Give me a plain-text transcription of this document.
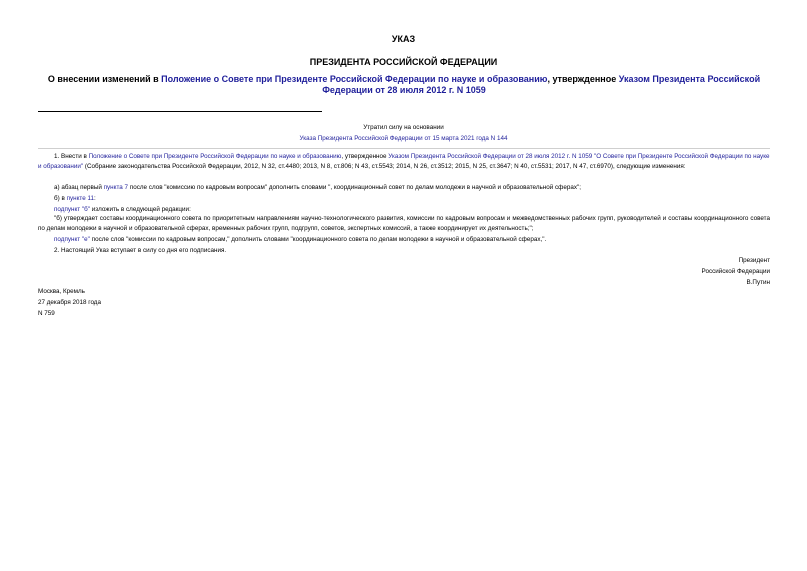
УКАЗ
ПРЕЗИДЕНТА РОССИЙСКОЙ ФЕДЕРАЦИИ
О внесении изменений в Положение о Совете при Президенте Российской Федерации по науке и образованию, утвержденное Указом Президента Российской Федерации от 28 июля 2012 г. N 1059
Утратил силу на основании
Указа Президента Российской Федерации от 15 марта 2021 года N 144
1. Внести в Положение о Совете при Президенте Российской Федерации по науке и образованию, утвержденное Указом Президента Российской Федерации от 28 июля 2012 г. N 1059 "О Совете при Президенте Российской Федерации по науке и образовании" (Собрание законодательства Российской Федерации, 2012, N 32, ст.4480; 2013, N 8, ст.806; N 43, ст.5543; 2014, N 26, ст.3512; 2015, N 25, ст.3647; N 40, ст.5531; 2017, N 47, ст.6970), следующие изменения:
а) абзац первый пункта 7 после слов "комиссию по кадровым вопросам" дополнить словами ", координационный совет по делам молодежи в научной и образовательной сферах";
б) в пункте 11:
подпункт "б" изложить в следующей редакции:
"б) утверждает составы координационного совета по приоритетным направлениям научно-технологического развития, комиссии по кадровым вопросам и межведомственных рабочих групп, руководителей и составы координационного совета по делам молодежи в научной и образовательной сферах, временных рабочих групп, подгрупп, советов, экспертных комиссий, а также координирует их деятельность;";
подпункт "е" после слов "комиссии по кадровым вопросам," дополнить словами "координационного совета по делам молодежи в научной и образовательной сферах,".
2. Настоящий Указ вступает в силу со дня его подписания.
Президент
Российской Федерации
В.Путин
Москва, Кремль
27 декабря 2018 года
N 759
